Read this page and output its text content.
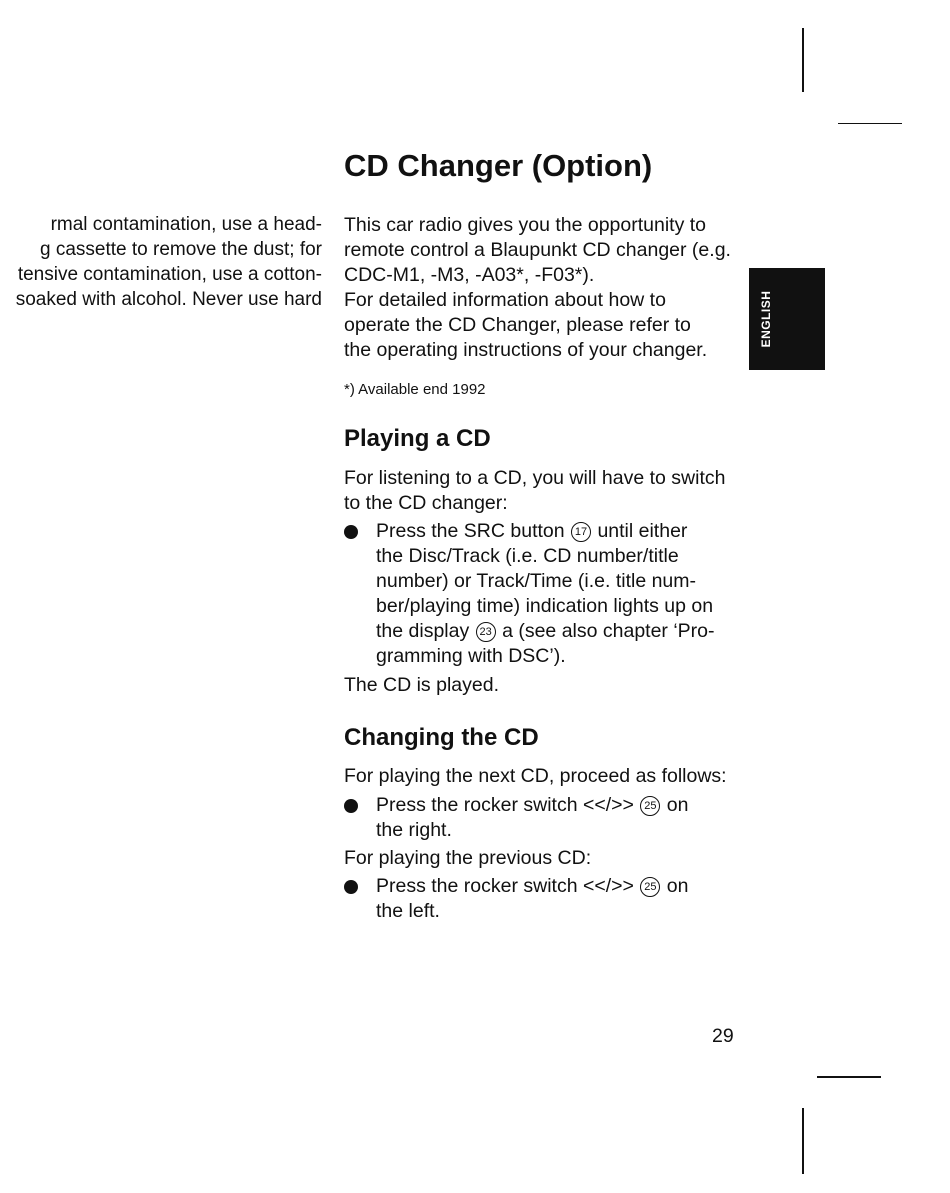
rmal contamination, use a head-
g cassette to remove the dust; for
tensive contamination, use a cotton-
soaked with alcohol. Never use hard
CD Changer (Option)
This car radio gives you the opportunity to
remote control a Blaupunkt CD changer (e.g.
CDC-M1, -M3, -A03*, -F03*).
For detailed information about how to
operate the CD Changer, please refer to
the operating instructions of your changer.
*) Available end 1992
ENGLISH
Playing a CD
For listening to a CD, you will have to switch
to the CD changer:
Press the SRC button 17 until either
the Disc/Track (i.e. CD number/title
number) or Track/Time (i.e. title num-
ber/playing time) indication lights up on
the display 23 a (see also chapter ‘Pro-
gramming with DSC’).
The CD is played.
Changing the CD
For playing the next CD, proceed as follows:
Press the rocker switch <</>> 25 on
the right.
For playing the previous CD:
Press the rocker switch <</>> 25 on
the left.
29
